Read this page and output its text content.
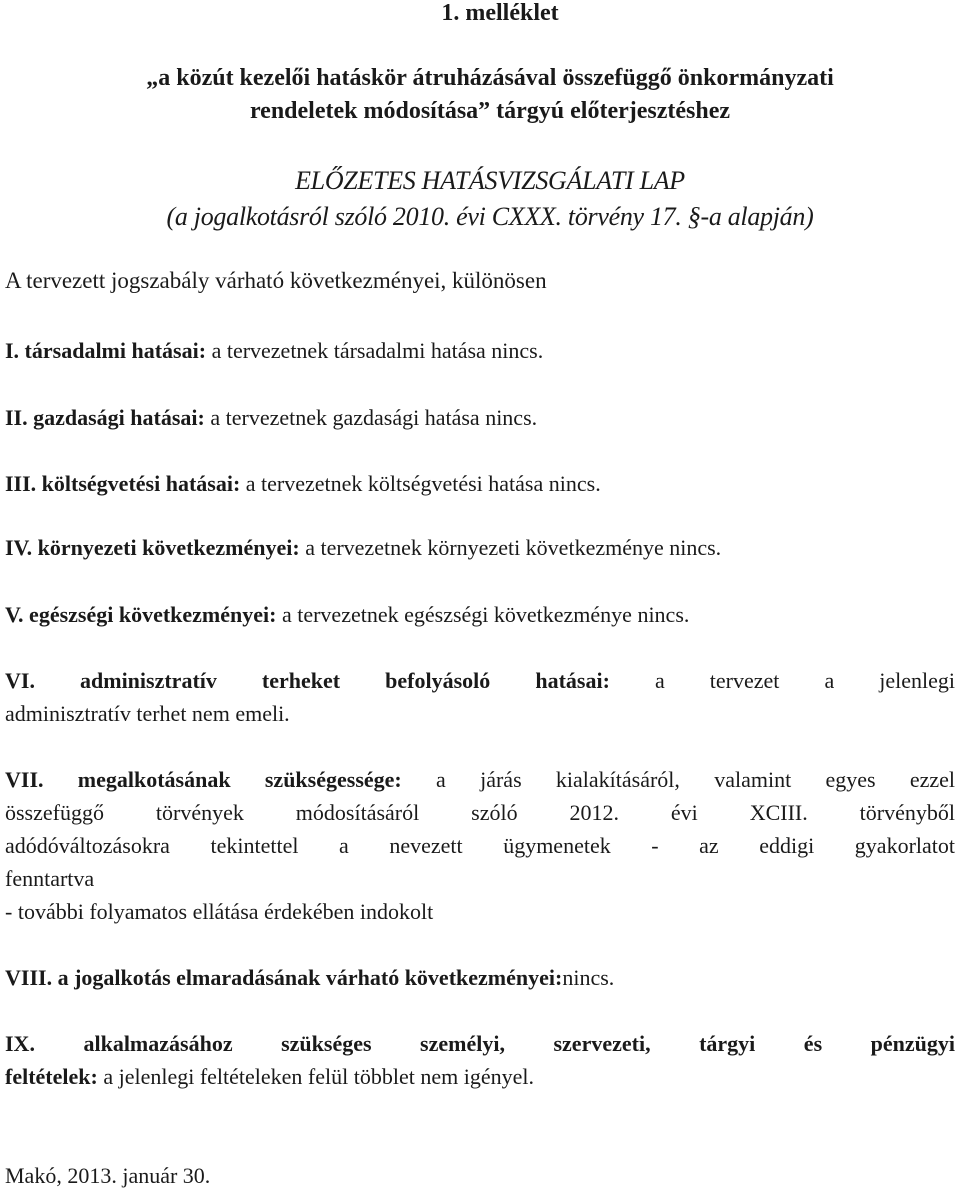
1. melléklet
„a közút kezelői hatáskör átruházásával összefüggő önkormányzati
rendeletek módosítása” tárgyú előterjesztéshez
ELŐZETES HATÁSVIZSGÁLATI LAP
(a jogalkotásról szóló 2010. évi CXXX. törvény 17. §-a alapján)
A tervezett jogszabály várható következményei, különösen
I. társadalmi hatásai: a tervezetnek társadalmi hatása nincs.
II. gazdasági hatásai: a tervezetnek gazdasági hatása nincs.
III. költségvetési hatásai: a tervezetnek költségvetési hatása nincs.
IV. környezeti következményei: a tervezetnek környezeti következménye nincs.
V. egészségi következményei: a tervezetnek egészségi következménye nincs.
VI. adminisztratív terheket befolyásoló hatásai: a tervezet a jelenlegi
adminisztratív terhet nem emeli.
VII. megalkotásának szükségessége: a járás kialakításáról, valamint egyes ezzel
összefüggő törvények módosításáról szóló 2012. évi XCIII. törvényből
adódóváltozásokra tekintettel a nevezett ügymenetek - az eddigi gyakorlatot
fenntartva
- további folyamatos ellátása érdekében indokolt
VIII. a jogalkotás elmaradásának várható következményei:nincs.
IX. alkalmazásához szükséges személyi, szervezeti, tárgyi és pénzügyi
feltételek: a jelenlegi feltételeken felül többlet nem igényel.
Makó, 2013. január 30.
